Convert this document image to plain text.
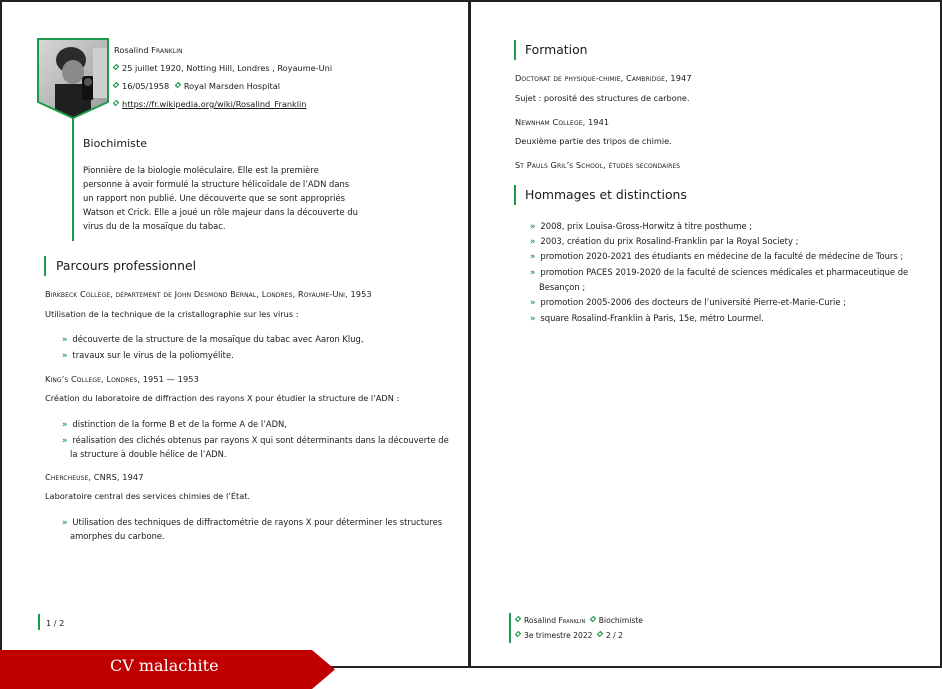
Rosalind Franklin
25 juillet 1920, Notting Hill, Londres , Royaume-Uni
16/05/1958 Royal Marsden Hospital
https://fr.wikipedia.org/wiki/Rosalind_Franklin
Biochimiste
Pionnière de la biologie moléculaire. Elle est la première
personne à avoir formulé la structure hélicoïdale de l’ADN dans
un rapport non publié. Une découverte que se sont appropriés
Watson et Crick. Elle a joué un rôle majeur dans la découverte du
virus du de la mosaïque du tabac.
Parcours professionnel
Birkbeck College, département de John Desmond Bernal, Londres, Royaume-Uni, 1953
Utilisation de la technique de la cristallographie sur les virus :
» découverte de la structure de la mosaïque du tabac avec Aaron Klug,
» travaux sur le virus de la poliomyélite.
King’s College, Londres, 1951 — 1953
Création du laboratoire de diffraction des rayons X pour étudier la structure de l’ADN :
» distinction de la forme B et de la forme A de l’ADN,
» réalisation des clichés obtenus par rayons X qui sont déterminants dans la découverte de
la structure à double hélice de l’ADN.
Chercheuse, CNRS, 1947
Laboratoire central des services chimies de l’État.
» Utilisation des techniques de diffractométrie de rayons X pour déterminer les structures
amorphes du carbone.
1 / 2
Formation
Doctorat de physique-chimie, Cambridge, 1947
Sujet : porosité des structures de carbone.
Newnham College, 1941
Deuxième partie des tripos de chimie.
St Pauls Gril’s School, études secondaires
Hommages et distinctions
» 2008, prix Louisa-Gross-Horwitz à titre posthume ;
» 2003, création du prix Rosalind-Franklin par la Royal Society ;
» promotion 2020-2021 des étudiants en médecine de la faculté de médecine de Tours ;
» promotion PACES 2019-2020 de la faculté de sciences médicales et pharmaceutique de
Besançon ;
» promotion 2005-2006 des docteurs de l’université Pierre-et-Marie-Curie ;
» square Rosalind-Franklin à Paris, 15e, métro Lourmel.
Rosalind Franklin Biochimiste
3e trimestre 2022 2 / 2
CV malachite
